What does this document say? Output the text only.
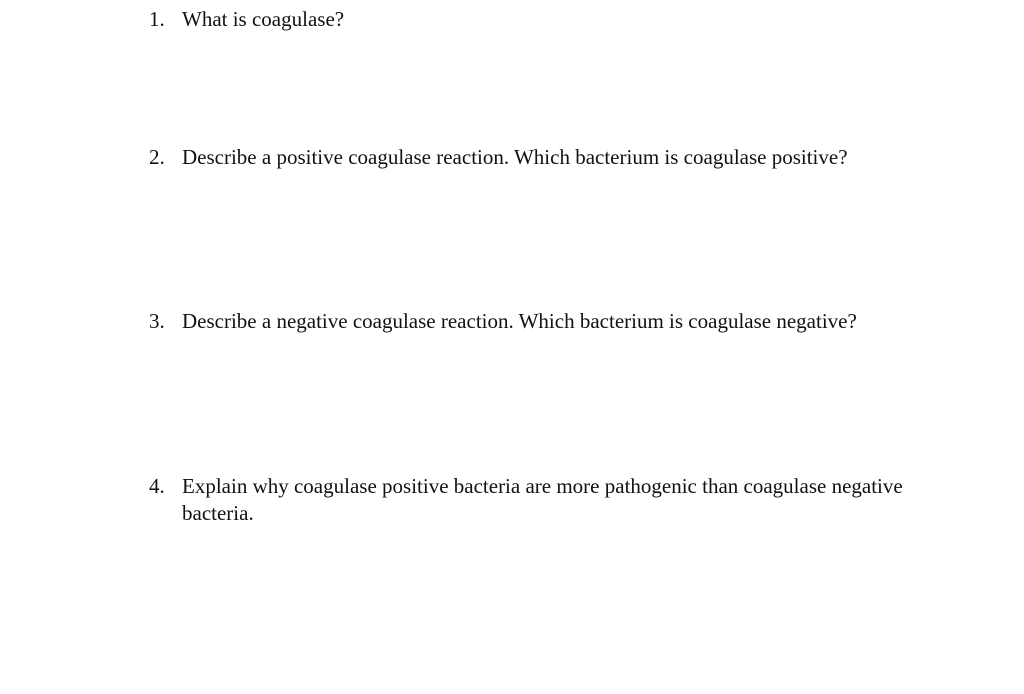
1. What is coagulase?
2. Describe a positive coagulase reaction. Which bacterium is coagulase positive?
3. Describe a negative coagulase reaction. Which bacterium is coagulase negative?
4. Explain why coagulase positive bacteria are more pathogenic than coagulase negative bacteria.
